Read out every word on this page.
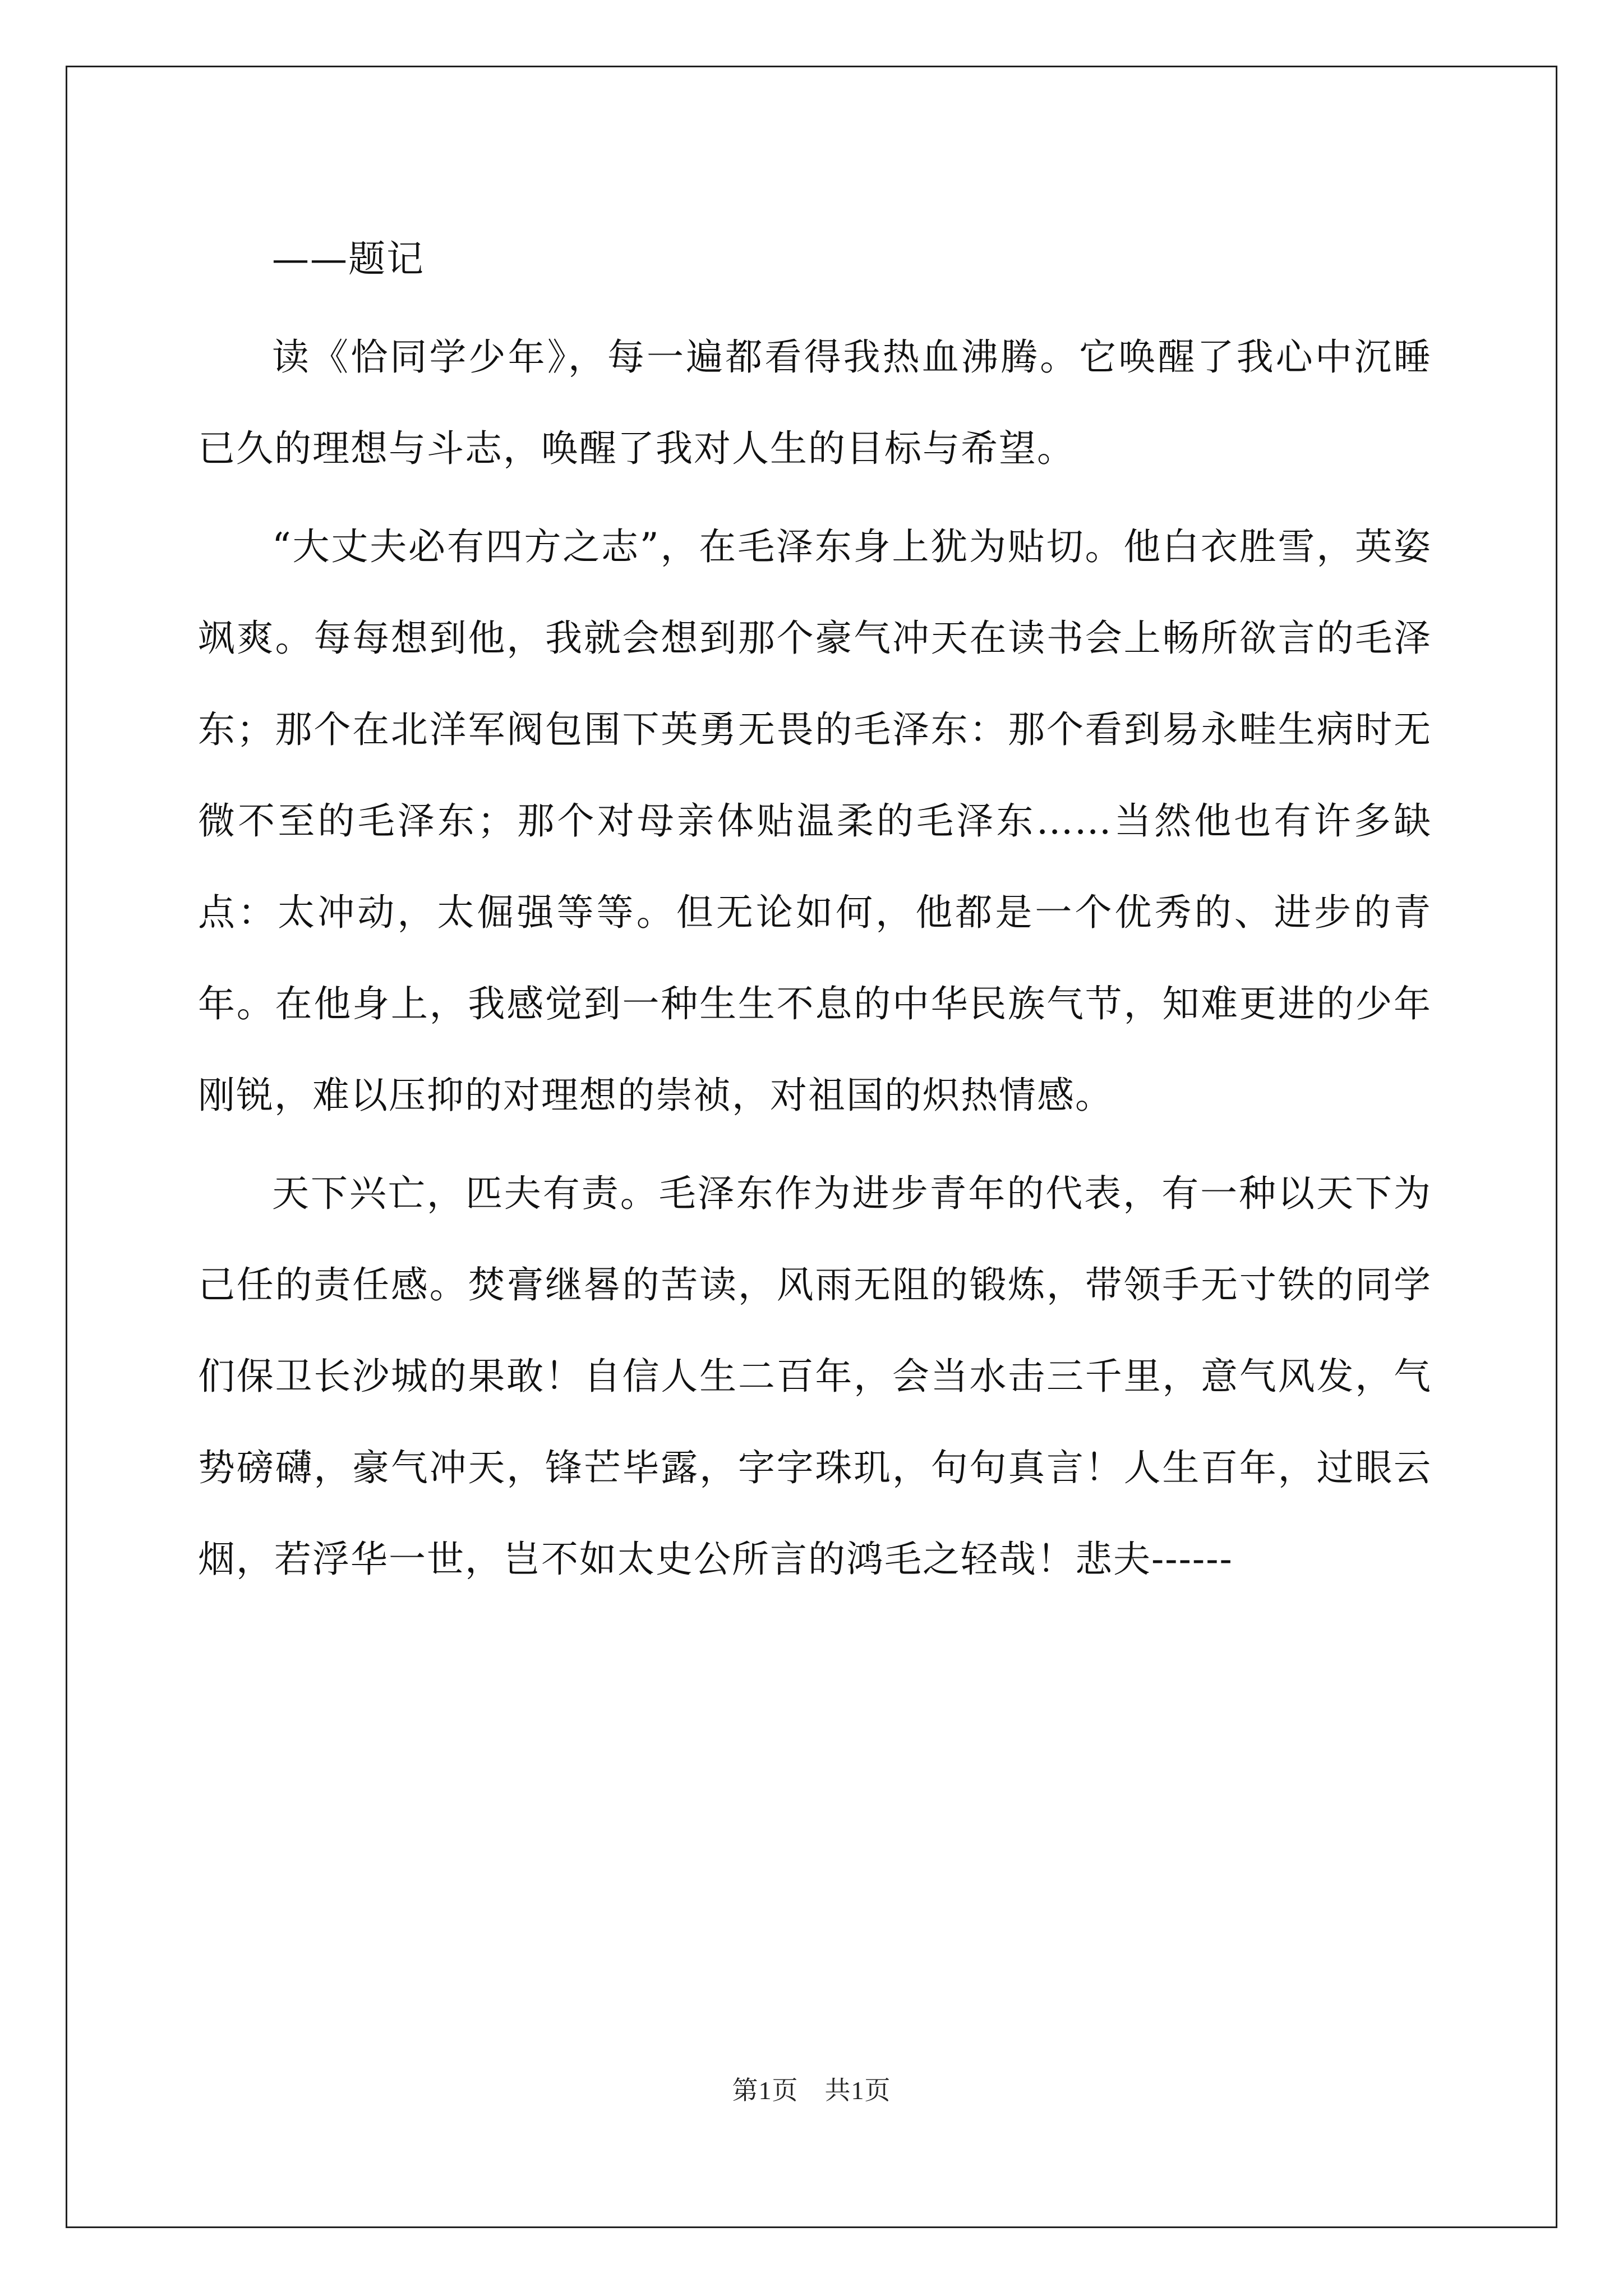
——题记

读《恰同学少年》，每一遍都看得我热血沸腾。它唤醒了我心中沉睡已久的理想与斗志，唤醒了我对人生的目标与希望。

“大丈夫必有四方之志”，在毛泽东身上犹为贴切。他白衣胜雪，英姿飒爽。每每想到他，我就会想到那个豪气冲天在读书会上畅所欲言的毛泽东；那个在北洋军阀包围下英勇无畏的毛泽东：那个看到易永畦生病时无微不至的毛泽东；那个对母亲体贴温柔的毛泽东……当然他也有许多缺点：太冲动，太倔强等等。但无论如何，他都是一个优秀的、进步的青年。在他身上，我感觉到一种生生不息的中华民族气节，知难更进的少年刚锐，难以压抑的对理想的崇祯，对祖国的炽热情感。

天下兴亡，匹夫有责。毛泽东作为进步青年的代表，有一种以天下为己任的责任感。焚膏继晷的苦读，风雨无阻的锻炼，带领手无寸铁的同学们保卫长沙城的果敢！自信人生二百年，会当水击三千里，意气风发，气势磅礴，豪气冲天，锋芒毕露，字字珠玑，句句真言！人生百年，过眼云烟，若浮华一世，岂不如太史公所言的鸿毛之轻哉！悲夫------

第1页　共1页
